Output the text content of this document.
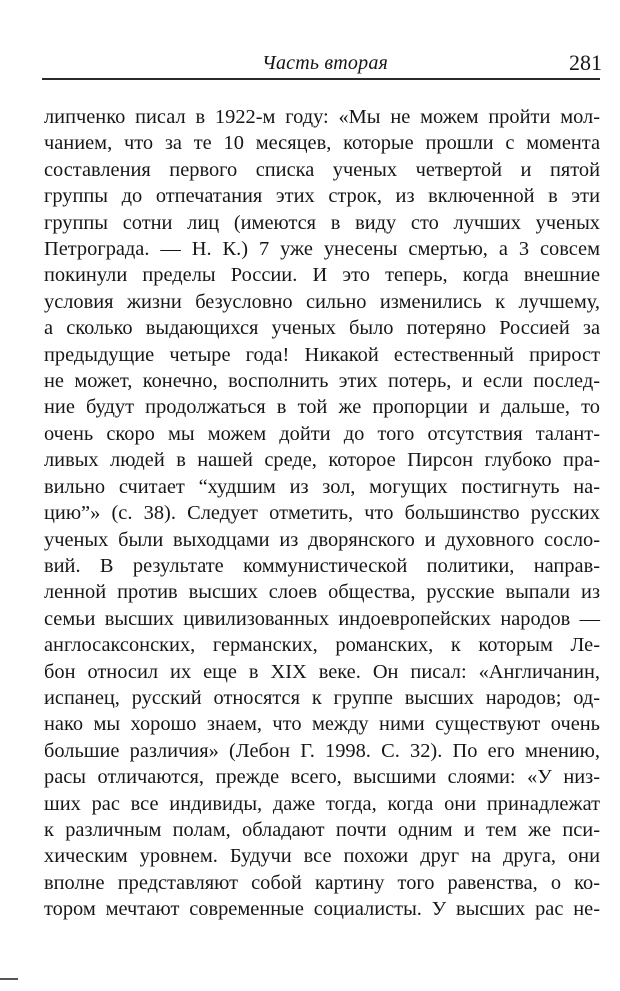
Часть вторая	281
липченко писал в 1922-м году: «Мы не можем пройти мол-
чанием, что за те 10 месяцев, которые прошли с момента
составления первого списка ученых четвертой и пятой
группы до отпечатания этих строк, из включенной в эти
группы сотни лиц (имеются в виду сто лучших ученых
Петрограда. — Н. К.) 7 уже унесены смертью, а 3 совсем
покинули пределы России. И это теперь, когда внешние
условия жизни безусловно сильно изменились к лучшему,
а сколько выдающихся ученых было потеряно Россией за
предыдущие четыре года! Никакой естественный прирост
не может, конечно, восполнить этих потерь, и если послед-
ние будут продолжаться в той же пропорции и дальше, то
очень скоро мы можем дойти до того отсутствия талант-
ливых людей в нашей среде, которое Пирсон глубоко пра-
вильно считает “худшим из зол, могущих постигнуть на-
цию”» (с. 38). Следует отметить, что большинство русских
ученых были выходцами из дворянского и духовного сосло-
вий. В результате коммунистической политики, направ-
ленной против высших слоев общества, русские выпали из
семьи высших цивилизованных индоевропейских народов —
англосаксонских, германских, романских, к которым Ле-
бон относил их еще в XIX веке. Он писал: «Англичанин,
испанец, русский относятся к группе высших народов; од-
нако мы хорошо знаем, что между ними существуют очень
большие различия» (Лебон Г. 1998. С. 32). По его мнению,
расы отличаются, прежде всего, высшими слоями: «У низ-
ших рас все индивиды, даже тогда, когда они принадлежат
к различным полам, обладают почти одним и тем же пси-
хическим уровнем. Будучи все похожи друг на друга, они
вполне представляют собой картину того равенства, о ко-
тором мечтают современные социалисты. У высших рас не-
